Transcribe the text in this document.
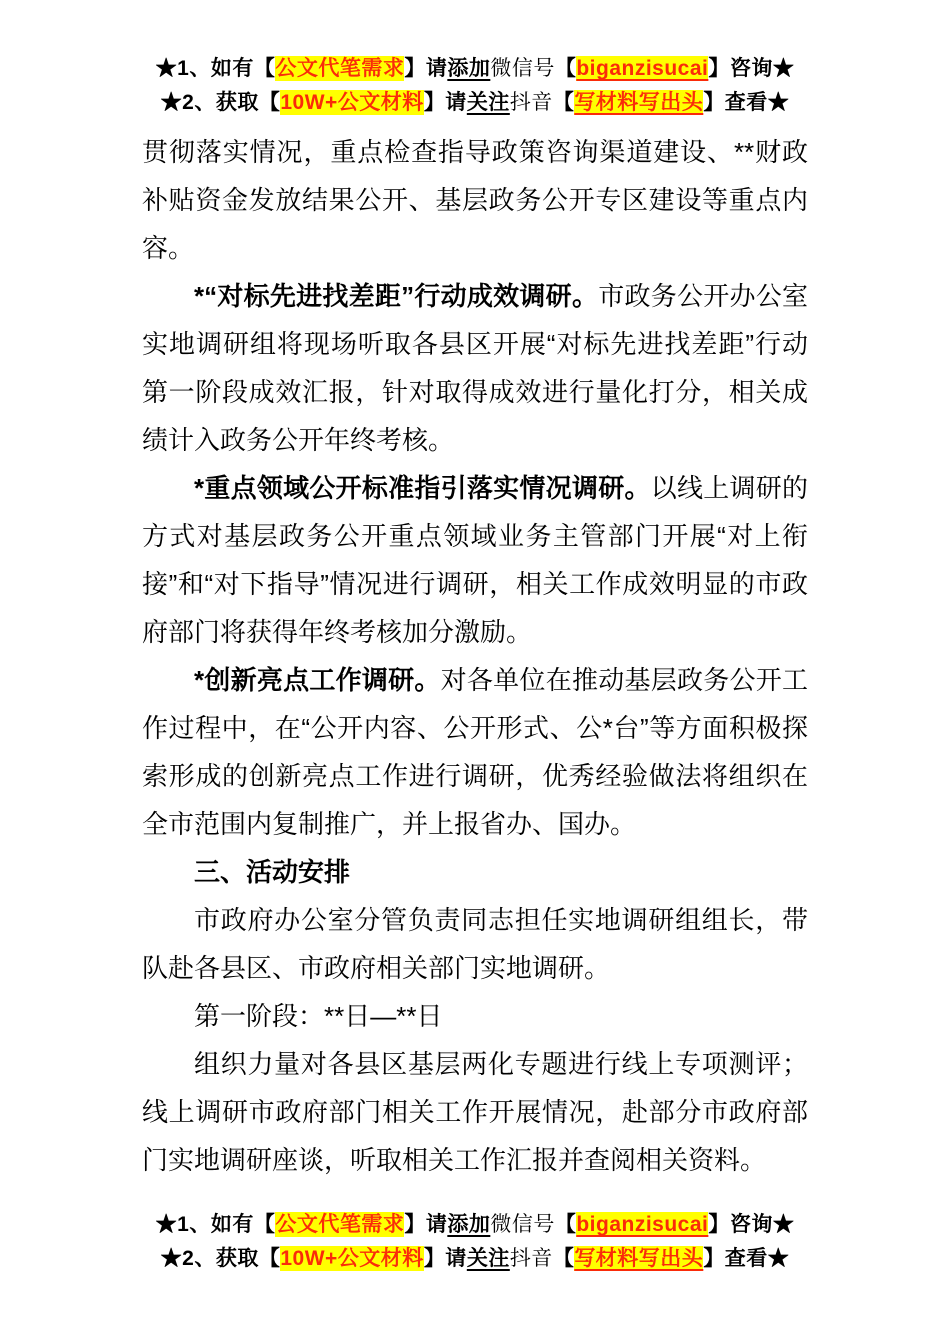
★1、如有【公文代笔需求】请添加微信号【biganzisucai】咨询★
★2、获取【10W+公文材料】请关注抖音【写材料写出头】查看★

贯彻落实情况，重点检查指导政策咨询渠道建设、**财政补贴资金发放结果公开、基层政务公开专区建设等重点内容。

*“对标先进找差距”行动成效调研。市政务公开办公室实地调研组将现场听取各县区开展“对标先进找差距”行动第一阶段成效汇报，针对取得成效进行量化打分，相关成绩计入政务公开年终考核。

*重点领域公开标准指引落实情况调研。以线上调研的方式对基层政务公开重点领域业务主管部门开展“对上衔接”和“对下指导”情况进行调研，相关工作成效明显的市政府部门将获得年终考核加分激励。

*创新亮点工作调研。对各单位在推动基层政务公开工作过程中，在“公开内容、公开形式、公*台”等方面积极探索形成的创新亮点工作进行调研，优秀经验做法将组织在全市范围内复制推广，并上报省办、国办。

三、活动安排

市政府办公室分管负责同志担任实地调研组组长，带队赴各县区、市政府相关部门实地调研。

第一阶段：**日—**日

组织力量对各县区基层两化专题进行线上专项测评；线上调研市政府部门相关工作开展情况，赴部分市政府部门实地调研座谈，听取相关工作汇报并查阅相关资料。

★1、如有【公文代笔需求】请添加微信号【biganzisucai】咨询★
★2、获取【10W+公文材料】请关注抖音【写材料写出头】查看★
